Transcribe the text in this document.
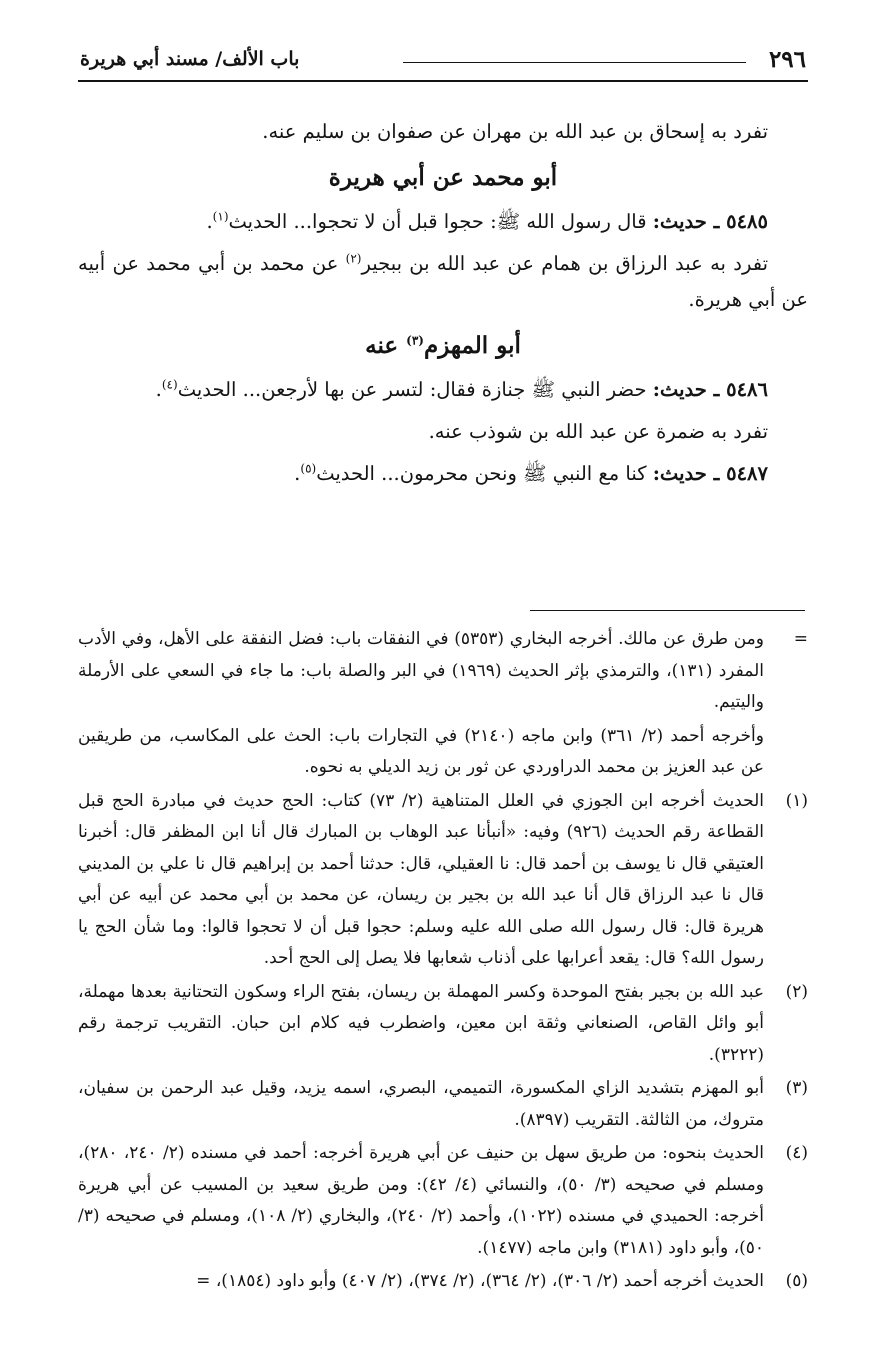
٢٩٦
باب الألف/ مسند أبي هريرة

تفرد به إسحاق بن عبد الله بن مهران عن صفوان بن سليم عنه.

أبو محمد عن أبي هريرة

٥٤٨٥ ـ حديث: قال رسول الله ﷺ: حجوا قبل أن لا تحجوا... الحديث$^{(١)}$.

تفرد به عبد الرزاق بن همام عن عبد الله بن ببجير$^{(٢)}$ عن محمد بن أبي محمد عن أبيه عن أبي هريرة.

أبو المهزم$^{(٣)}$ عنه

٥٤٨٦ ـ حديث: حضر النبي ﷺ جنازة فقال: لتسر عن بها لأرجعن... الحديث$^{(٤)}$.

تفرد به ضمرة عن عبد الله بن شوذب عنه.

٥٤٨٧ ـ حديث: كنا مع النبي ﷺ ونحن محرمون... الحديث$^{(٥)}$.

=
ومن طرق عن مالك. أخرجه البخاري (٥٣٥٣) في النفقات باب: فضل النفقة على الأهل، وفي الأدب المفرد (١٣١)، والترمذي بإثر الحديث (١٩٦٩) في البر والصلة باب: ما جاء في السعي على الأرملة واليتيم.
وأخرجه أحمد (٢/ ٣٦١) وابن ماجه (٢١٤٠) في التجارات باب: الحث على المكاسب، من طريقين عن عبد العزيز بن محمد الدراوردي عن ثور بن زيد الديلي به نحوه.
(١)
الحديث أخرجه ابن الجوزي في العلل المتناهية (٢/ ٧٣) كتاب: الحج حديث في مبادرة الحج قبل القطاعة رقم الحديث (٩٢٦) وفيه: «أنبأنا عبد الوهاب بن المبارك قال أنا ابن المظفر قال: أخبرنا العتيقي قال نا يوسف بن أحمد قال: نا العقيلي، قال: حدثنا أحمد بن إبراهيم قال نا علي بن المديني قال نا عبد الرزاق قال أنا عبد الله بن بجير بن ريسان، عن محمد بن أبي محمد عن أبيه عن أبي هريرة قال: قال رسول الله صلى الله عليه وسلم: حجوا قبل أن لا تحجوا قالوا: وما شأن الحج يا رسول الله؟ قال: يقعد أعرابها على أذناب شعابها فلا يصل إلى الحج أحد.
(٢)
عبد الله بن بجير بفتح الموحدة وكسر المهملة بن ريسان، بفتح الراء وسكون التحتانية بعدها مهملة، أبو وائل القاص، الصنعاني وثقة ابن معين، واضطرب فيه كلام ابن حبان. التقريب ترجمة رقم (٣٢٢٢).
(٣)
أبو المهزم بتشديد الزاي المكسورة، التميمي، البصري، اسمه يزيد، وقيل عبد الرحمن بن سفيان، متروك، من الثالثة. التقريب (٨٣٩٧).
(٤)
الحديث بنحوه: من طريق سهل بن حنيف عن أبي هريرة أخرجه: أحمد في مسنده (٢/ ٢٤٠، ٢٨٠)، ومسلم في صحيحه (٣/ ٥٠)، والنسائي (٤/ ٤٢): ومن طريق سعيد بن المسيب عن أبي هريرة أخرجه: الحميدي في مسنده (١٠٢٢)، وأحمد (٢/ ٢٤٠)، والبخاري (٢/ ١٠٨)، ومسلم في صحيحه (٣/ ٥٠)، وأبو داود (٣١٨١) وابن ماجه (١٤٧٧).
(٥)
الحديث أخرجه أحمد (٢/ ٣٠٦)، (٢/ ٣٦٤)، (٢/ ٣٧٤)، (٢/ ٤٠٧) وأبو داود (١٨٥٤)، =
